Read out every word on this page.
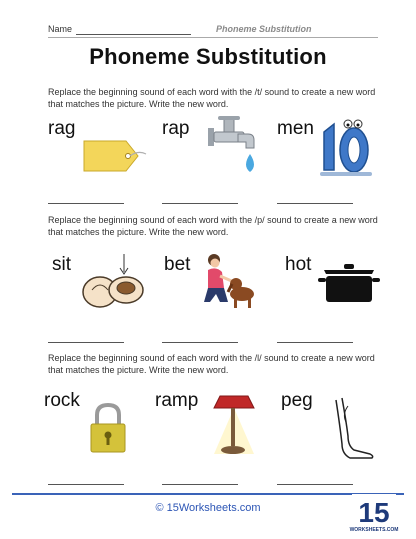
Name	Phoneme Substitution
Phoneme Substitution
Replace the beginning sound of each word with the /t/ sound to create a new word that matches the picture. Write the new word.
rag	rap	men
Replace the beginning sound of each word with the /p/ sound to create a new word that matches the picture. Write the new word.
sit	bet	hot
Replace the beginning sound of each word with the /l/ sound to create a new word that matches the picture. Write the new word.
rock	ramp	peg
© 15Worksheets.com	15
WORKSHEETS.COM
